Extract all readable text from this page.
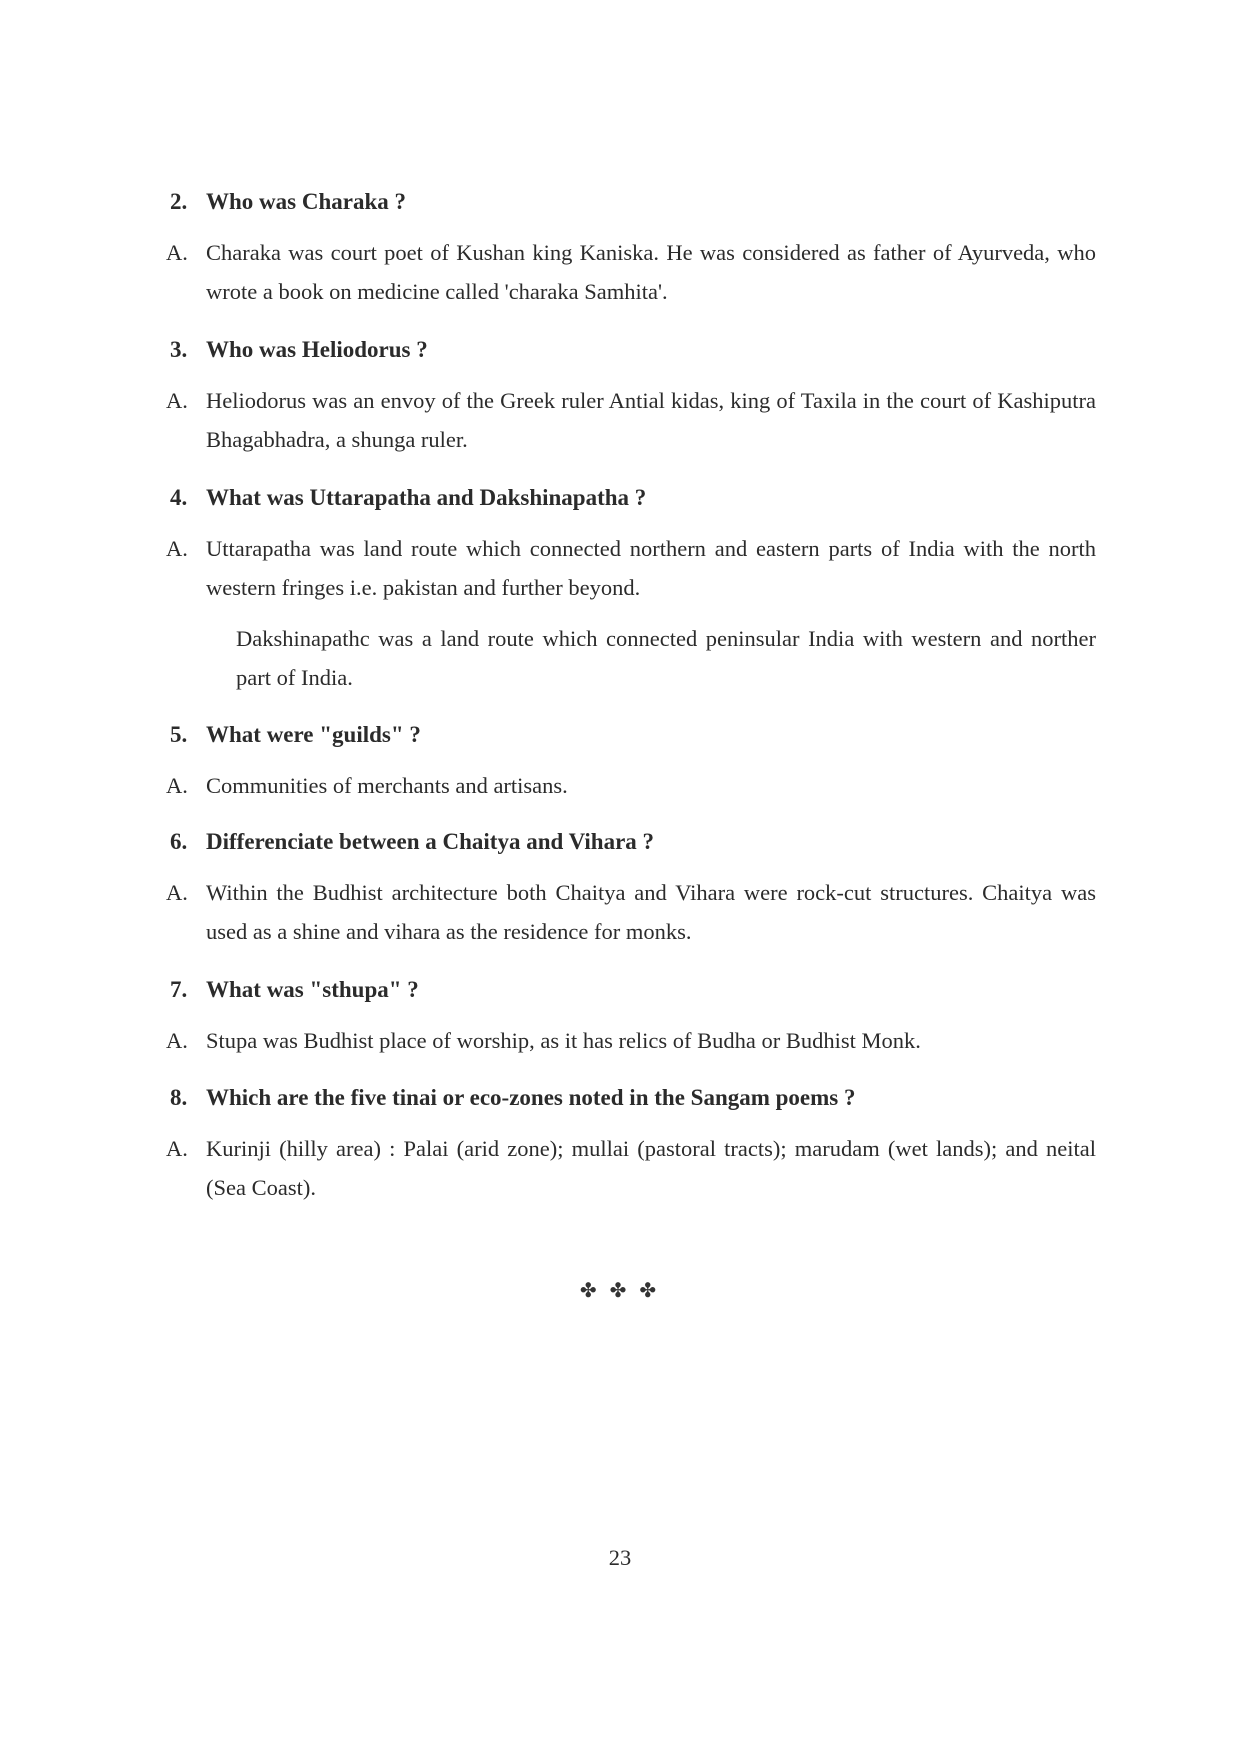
2. Who was Charaka ?
A. Charaka was court poet of Kushan king Kaniska. He was considered as father of Ayurveda, who wrote a book on medicine called 'charaka Samhita'.
3. Who was Heliodorus ?
A. Heliodorus was an envoy of the Greek ruler Antial kidas, king of Taxila in the court of Kashiputra Bhagabhadra, a shunga ruler.
4. What was Uttarapatha and Dakshinapatha ?
A. Uttarapatha was land route which connected northern and eastern parts of India with the north western fringes i.e. pakistan and further beyond.
Dakshinapathc was a land route which connected peninsular India with western and norther part of India.
5. What were "guilds" ?
A. Communities of merchants and artisans.
6. Differenciate between a Chaitya and Vihara ?
A. Within the Budhist architecture both Chaitya and Vihara were rock-cut structures. Chaitya was used as a shine and vihara as the residence for monks.
7. What was "sthupa" ?
A. Stupa was Budhist place of worship, as it has relics of Budha or Budhist Monk.
8. Which are the five tinai or eco-zones noted in the Sangam poems ?
A. Kurinji (hilly area) : Palai (arid zone); mullai (pastoral tracts); marudam (wet lands); and neital (Sea Coast).
✤ ✤ ✤
23
